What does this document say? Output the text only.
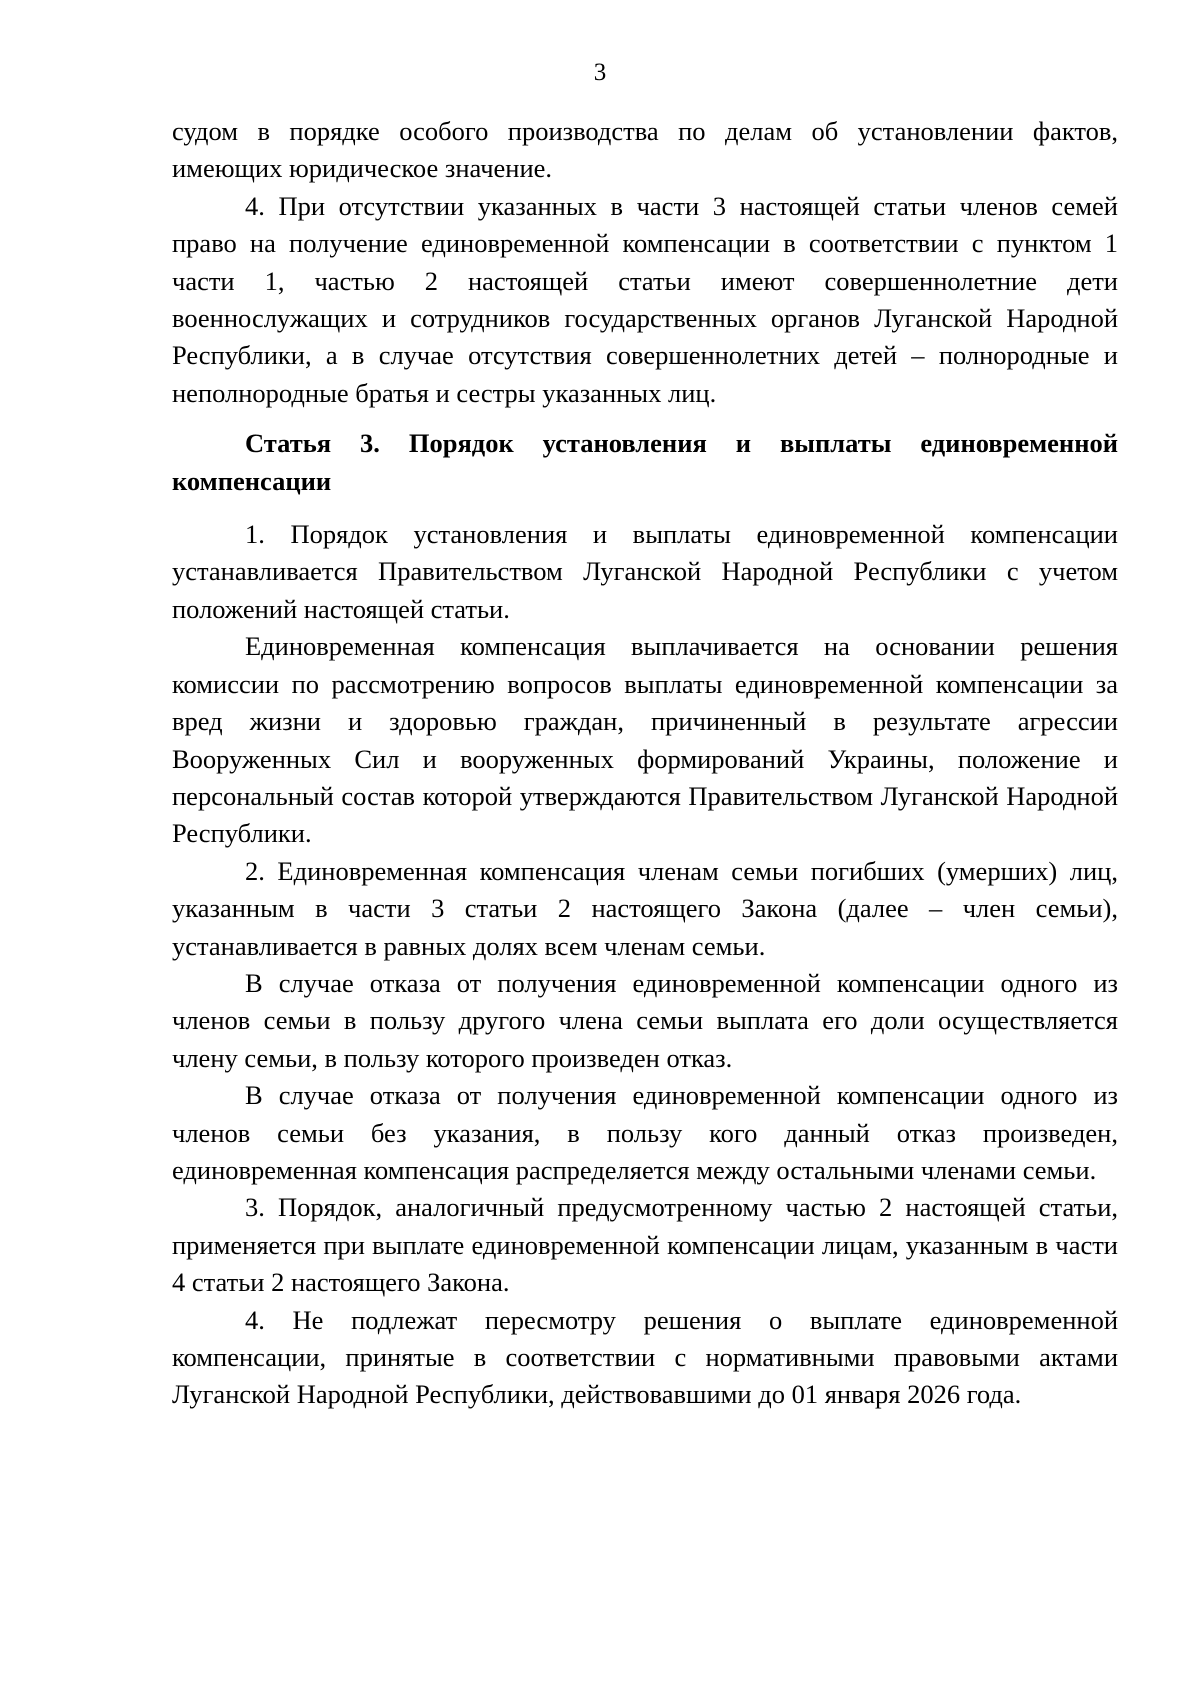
3

судом в порядке особого производства по делам об установлении фактов, имеющих юридическое значение.

4. При отсутствии указанных в части 3 настоящей статьи членов семей право на получение единовременной компенсации в соответствии с пунктом 1 части 1, частью 2 настоящей статьи имеют совершеннолетние дети военнослужащих и сотрудников государственных органов Луганской Народной Республики, а в случае отсутствия совершеннолетних детей – полнородные и неполнородные братья и сестры указанных лиц.

Статья 3. Порядок установления и выплаты единовременной компенсации

1. Порядок установления и выплаты единовременной компенсации устанавливается Правительством Луганской Народной Республики с учетом положений настоящей статьи.

Единовременная компенсация выплачивается на основании решения комиссии по рассмотрению вопросов выплаты единовременной компенсации за вред жизни и здоровью граждан, причиненный в результате агрессии Вооруженных Сил и вооруженных формирований Украины, положение и персональный состав которой утверждаются Правительством Луганской Народной Республики.

2. Единовременная компенсация членам семьи погибших (умерших) лиц, указанным в части 3 статьи 2 настоящего Закона (далее – член семьи), устанавливается в равных долях всем членам семьи.

В случае отказа от получения единовременной компенсации одного из членов семьи в пользу другого члена семьи выплата его доли осуществляется члену семьи, в пользу которого произведен отказ.

В случае отказа от получения единовременной компенсации одного из членов семьи без указания, в пользу кого данный отказ произведен, единовременная компенсация распределяется между остальными членами семьи.

3. Порядок, аналогичный предусмотренному частью 2 настоящей статьи, применяется при выплате единовременной компенсации лицам, указанным в части 4 статьи 2 настоящего Закона.

4. Не подлежат пересмотру решения о выплате единовременной компенсации, принятые в соответствии с нормативными правовыми актами Луганской Народной Республики, действовавшими до 01 января 2026 года.
